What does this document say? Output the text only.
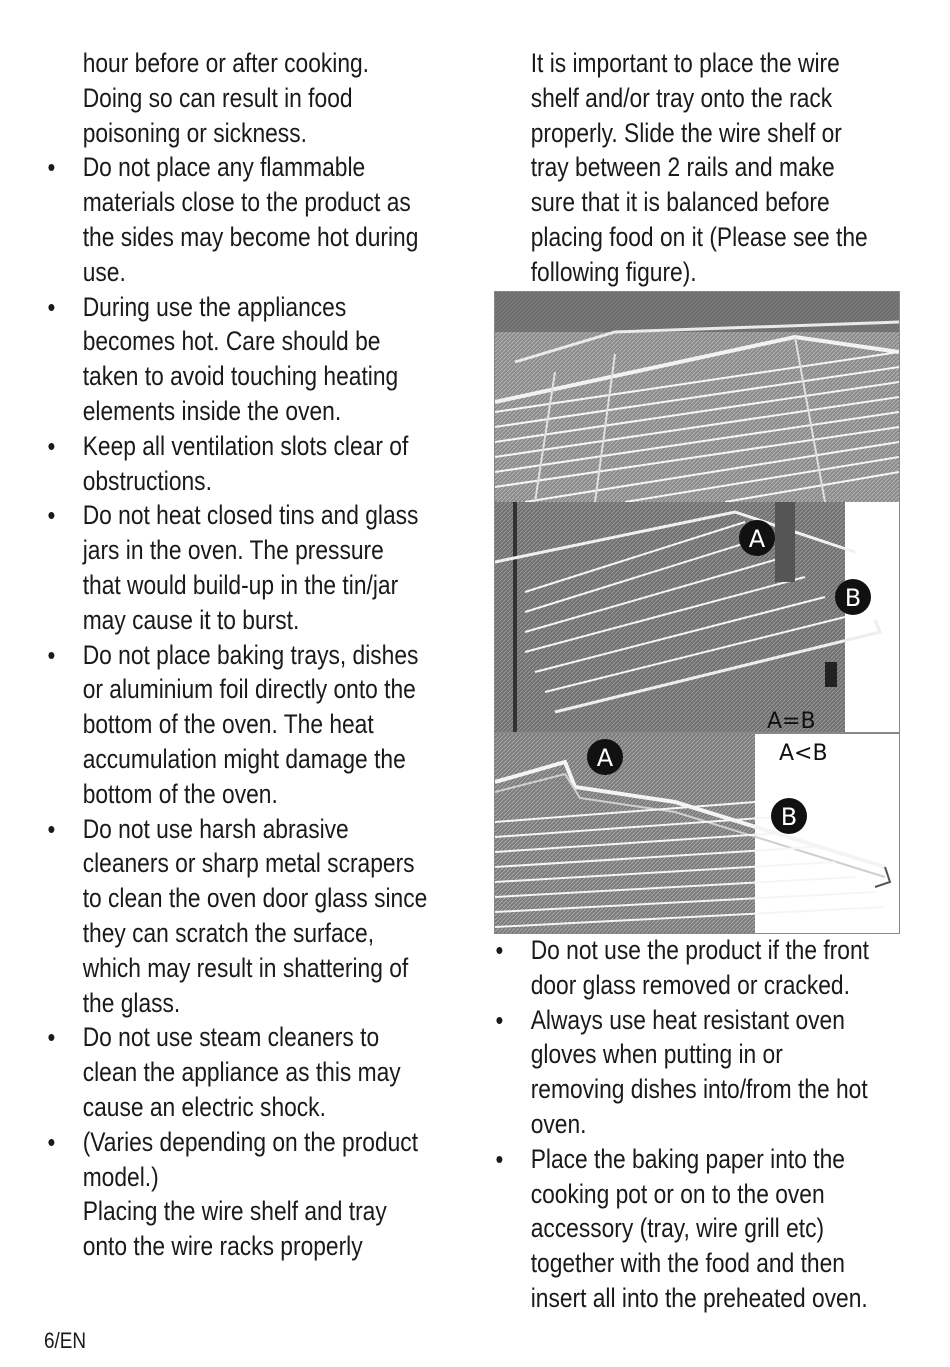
hour before or after cooking.
Doing so can result in food
poisoning or sickness.
• Do not place any flammable
materials close to the product as
the sides may become hot during
use.
• During use the appliances
becomes hot. Care should be
taken to avoid touching heating
elements inside the oven.
• Keep all ventilation slots clear of
obstructions.
• Do not heat closed tins and glass
jars in the oven. The pressure
that would build-up in the tin/jar
may cause it to burst.
• Do not place baking trays, dishes
or aluminium foil directly onto the
bottom of the oven. The heat
accumulation might damage the
bottom of the oven.
• Do not use harsh abrasive
cleaners or sharp metal scrapers
to clean the oven door glass since
they can scratch the surface,
which may result in shattering of
the glass.
• Do not use steam cleaners to
clean the appliance as this may
cause an electric shock.
• (Varies depending on the product
model.)
Placing the wire shelf and tray
onto the wire racks properly
It is important to place the wire
shelf and/or tray onto the rack
properly. Slide the wire shelf or
tray between 2 rails and make
sure that it is balanced before
placing food on it (Please see the
following figure).
A
B
A=B
A
B
A<B
• Do not use the product if the front
door glass removed or cracked.
• Always use heat resistant oven
gloves when putting in or
removing dishes into/from the hot
oven.
• Place the baking paper into the
cooking pot or on to the oven
accessory (tray, wire grill etc)
together with the food and then
insert all into the preheated oven.
6/EN
